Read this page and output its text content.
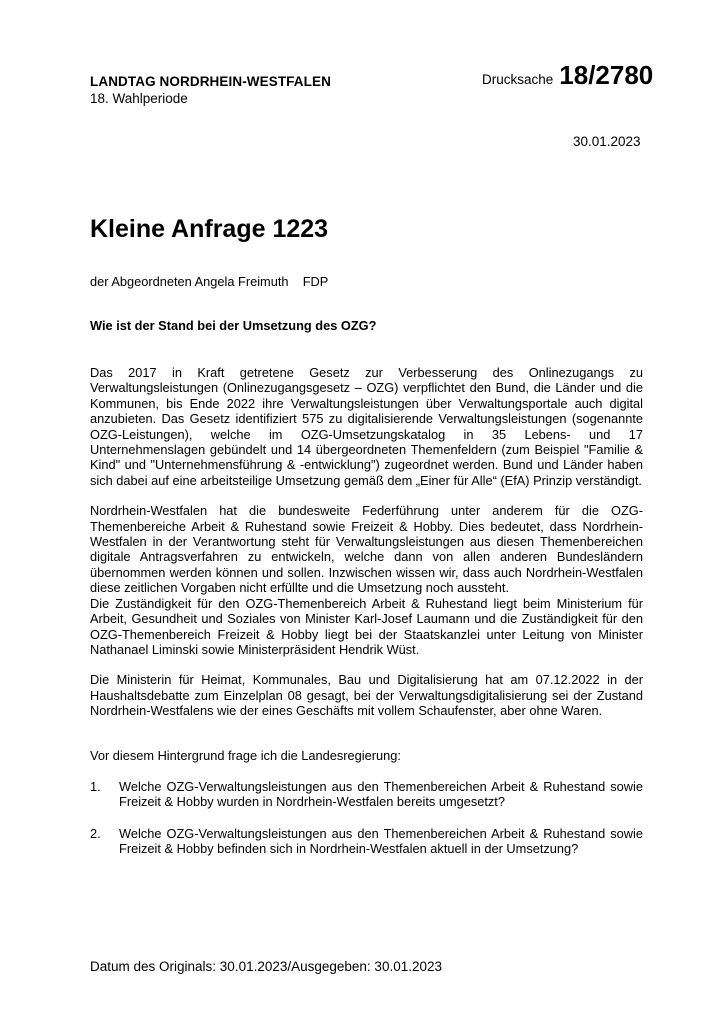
LANDTAG NORDRHEIN-WESTFALEN
18. Wahlperiode
Drucksache 18/2780
30.01.2023
Kleine Anfrage 1223
der Abgeordneten Angela Freimuth    FDP
Wie ist der Stand bei der Umsetzung des OZG?

Das 2017 in Kraft getretene Gesetz zur Verbesserung des Onlinezugangs zu Verwaltungsleistungen (Onlinezugangsgesetz – OZG) verpflichtet den Bund, die Länder und die Kommunen, bis Ende 2022 ihre Verwaltungsleistungen über Verwaltungsportale auch digital anzubieten. Das Gesetz identifiziert 575 zu digitalisierende Verwaltungsleistungen (sogenannte OZG-Leistungen), welche im OZG-Umsetzungskatalog in 35 Lebens- und 17 Unternehmenslagen gebündelt und 14 übergeordneten Themenfeldern (zum Beispiel "Familie & Kind" und "Unternehmensführung & -entwicklung") zugeordnet werden. Bund und Länder haben sich dabei auf eine arbeitsteilige Umsetzung gemäß dem „Einer für Alle“ (EfA) Prinzip verständigt.

Nordrhein-Westfalen hat die bundesweite Federführung unter anderem für die OZG-Themenbereiche Arbeit & Ruhestand sowie Freizeit & Hobby. Dies bedeutet, dass Nordrhein-Westfalen in der Verantwortung steht für Verwaltungsleistungen aus diesen Themenbereichen digitale Antragsverfahren zu entwickeln, welche dann von allen anderen Bundesländern übernommen werden können und sollen. Inzwischen wissen wir, dass auch Nordrhein-Westfalen diese zeitlichen Vorgaben nicht erfüllte und die Umsetzung noch aussteht.

Die Zuständigkeit für den OZG-Themenbereich Arbeit & Ruhestand liegt beim Ministerium für Arbeit, Gesundheit und Soziales von Minister Karl-Josef Laumann und die Zuständigkeit für den OZG-Themenbereich Freizeit & Hobby liegt bei der Staatskanzlei unter Leitung von Minister Nathanael Liminski sowie Ministerpräsident Hendrik Wüst.

Die Ministerin für Heimat, Kommunales, Bau und Digitalisierung hat am 07.12.2022 in der Haushaltsdebatte zum Einzelplan 08 gesagt, bei der Verwaltungsdigitalisierung sei der Zustand Nordrhein-Westfalens wie der eines Geschäfts mit vollem Schaufenster, aber ohne Waren.

Vor diesem Hintergrund frage ich die Landesregierung:

1.	Welche OZG-Verwaltungsleistungen aus den Themenbereichen Arbeit & Ruhestand sowie Freizeit & Hobby wurden in Nordrhein-Westfalen bereits umgesetzt?
2.	Welche OZG-Verwaltungsleistungen aus den Themenbereichen Arbeit & Ruhestand sowie Freizeit & Hobby befinden sich in Nordrhein-Westfalen aktuell in der Umsetzung?
Datum des Originals: 30.01.2023/Ausgegeben: 30.01.2023
